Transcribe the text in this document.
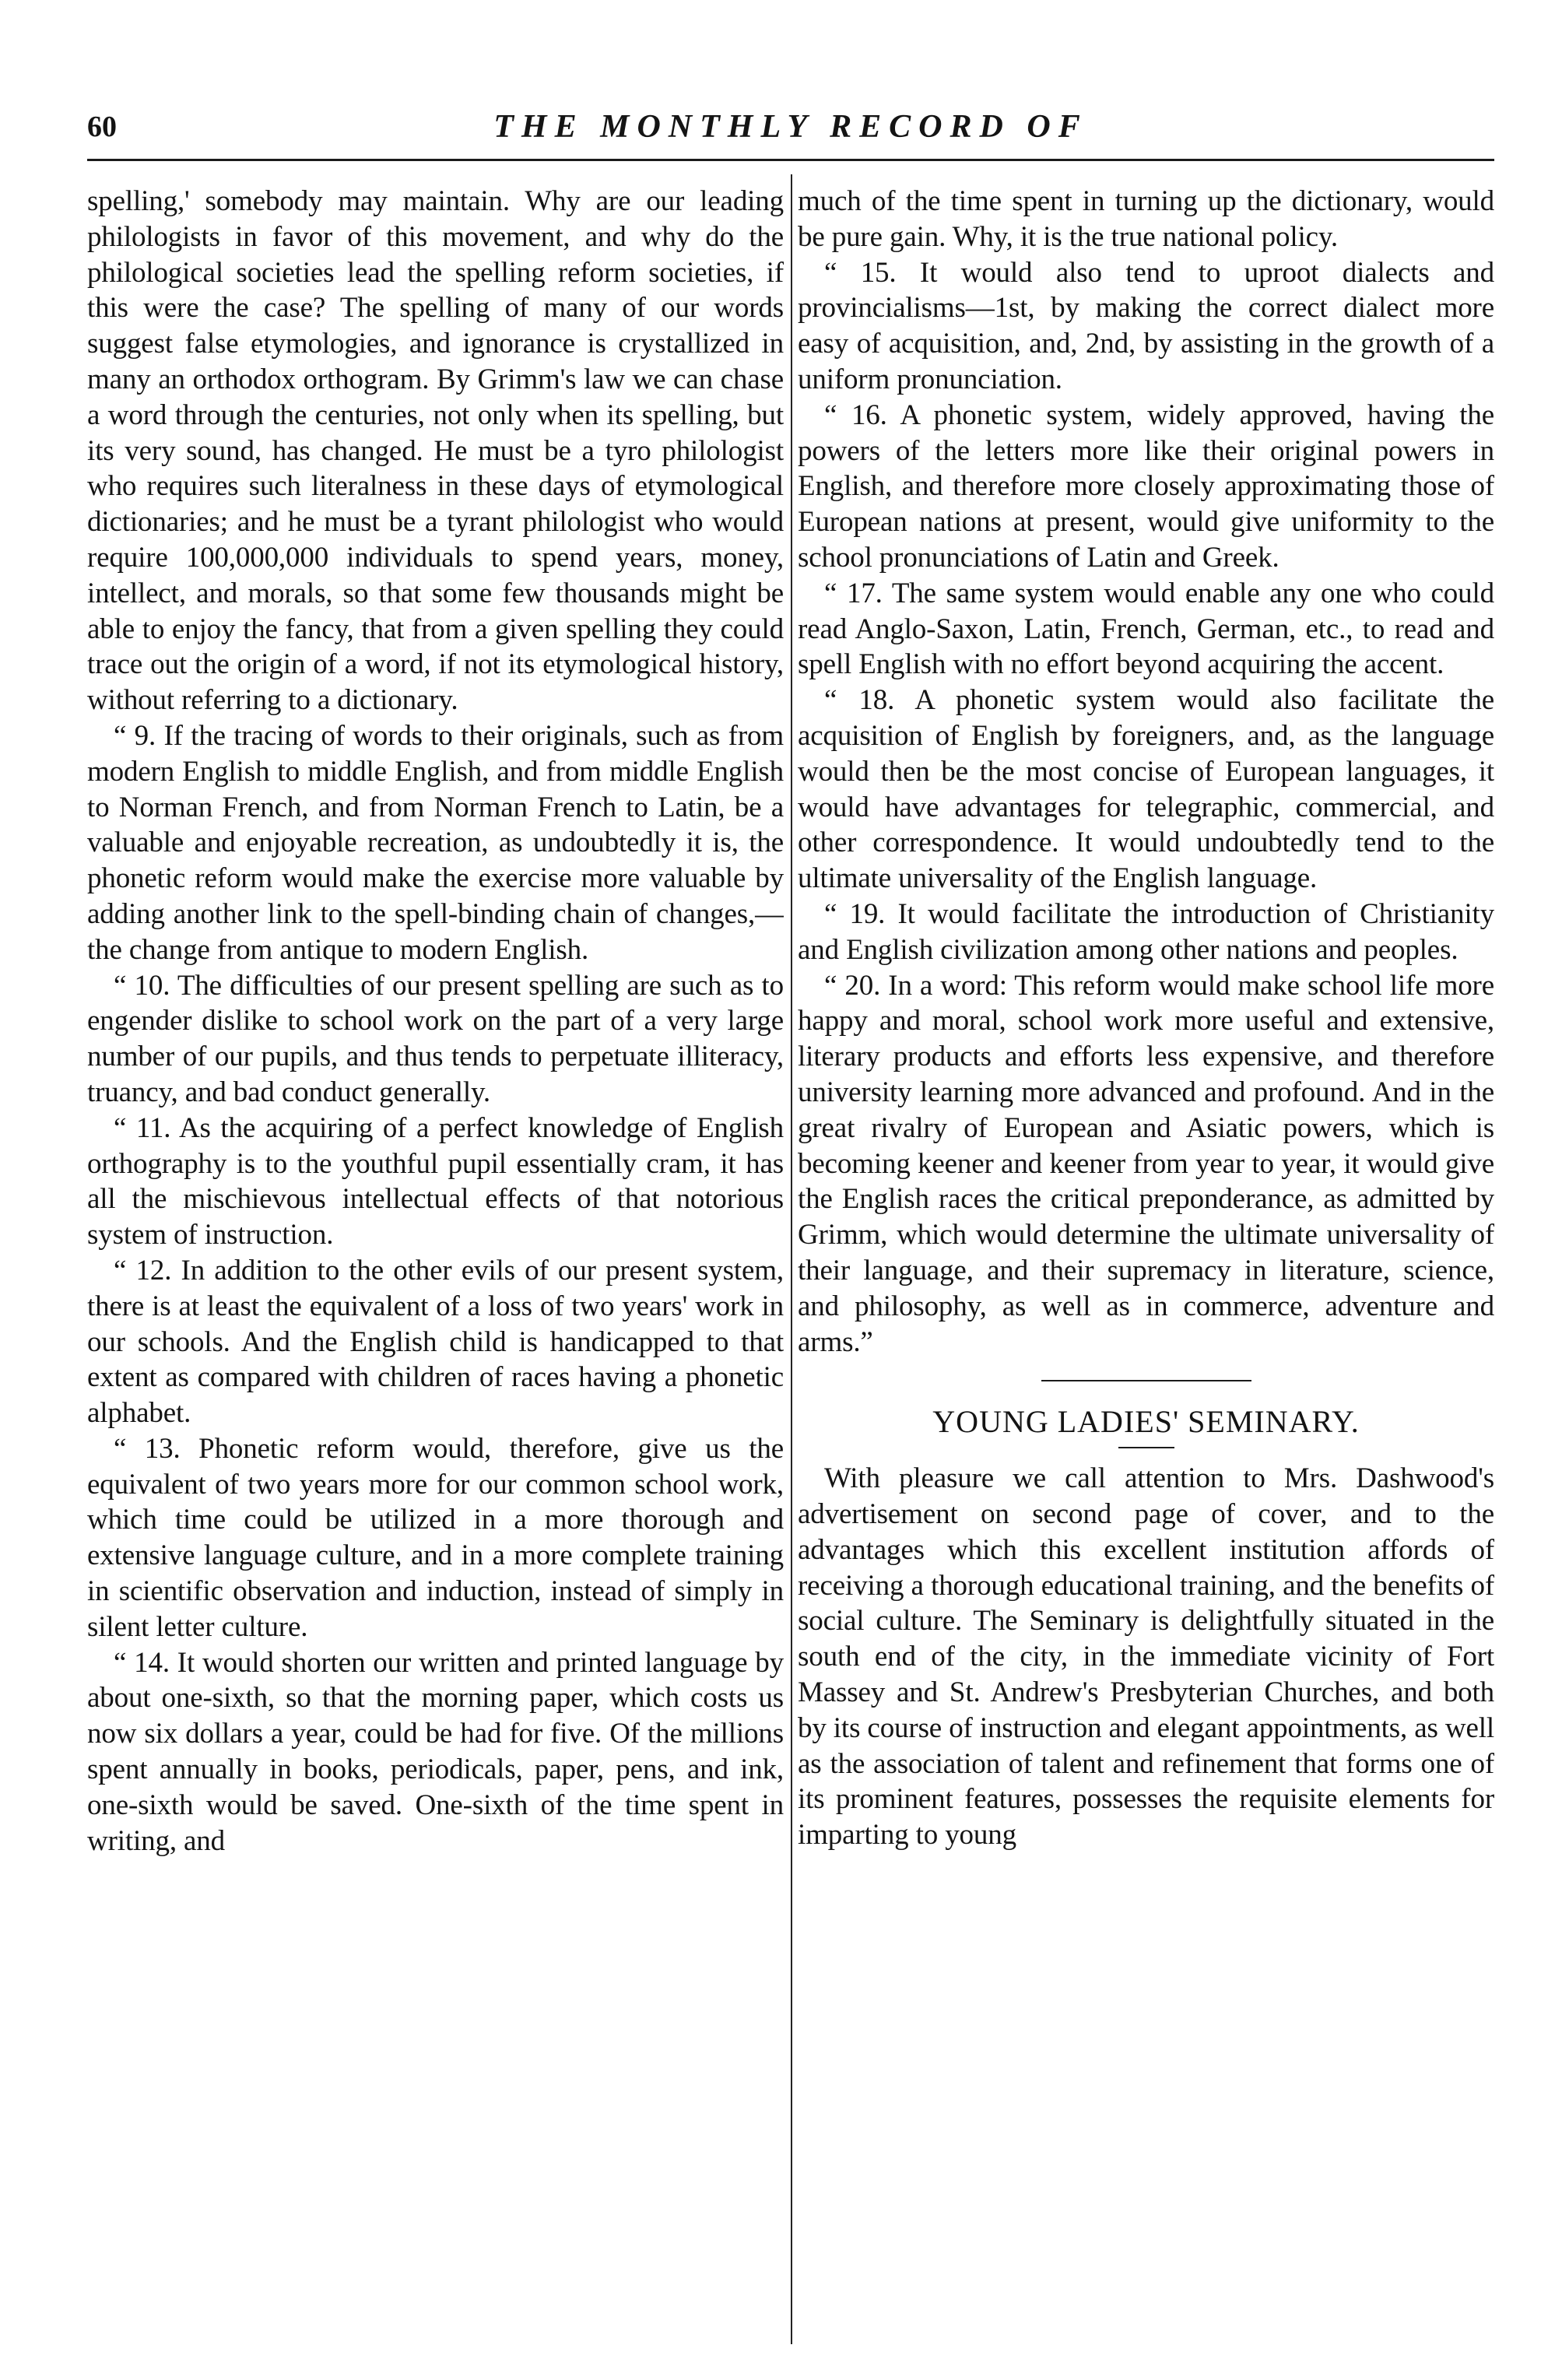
60	THE MONTHLY RECORD OF

spelling,' somebody may maintain. Why are our leading philologists in favor of this movement, and why do the philological societies lead the spelling reform societies, if this were the case? The spelling of many of our words suggest false etymologies, and ignorance is crystallized in many an orthodox orthogram. By Grimm's law we can chase a word through the centuries, not only when its spelling, but its very sound, has changed. He must be a tyro philologist who requires such literalness in these days of etymological dictionaries; and he must be a tyrant philologist who would require 100,000,000 individuals to spend years, money, intellect, and morals, so that some few thousands might be able to enjoy the fancy, that from a given spelling they could trace out the origin of a word, if not its etymological history, without referring to a dictionary.

“ 9. If the tracing of words to their originals, such as from modern English to middle English, and from middle English to Norman French, and from Norman French to Latin, be a valuable and enjoyable recreation, as undoubtedly it is, the phonetic reform would make the exercise more valuable by adding another link to the spell-binding chain of changes,—the change from antique to modern English.

“ 10. The difficulties of our present spelling are such as to engender dislike to school work on the part of a very large number of our pupils, and thus tends to perpetuate illiteracy, truancy, and bad conduct generally.

“ 11. As the acquiring of a perfect knowledge of English orthography is to the youthful pupil essentially cram, it has all the mischievous intellectual effects of that notorious system of instruction.

“ 12. In addition to the other evils of our present system, there is at least the equivalent of a loss of two years' work in our schools. And the English child is handicapped to that extent as compared with children of races having a phonetic alphabet.

“ 13. Phonetic reform would, therefore, give us the equivalent of two years more for our common school work, which time could be utilized in a more thorough and extensive language culture, and in a more complete training in scientific observation and induction, instead of simply in silent letter culture.

“ 14. It would shorten our written and printed language by about one-sixth, so that the morning paper, which costs us now six dollars a year, could be had for five. Of the millions spent annually in books, periodicals, paper, pens, and ink, one-sixth would be saved. One-sixth of the time spent in writing, and

much of the time spent in turning up the dictionary, would be pure gain. Why, it is the true national policy.

“ 15. It would also tend to uproot dialects and provincialisms—1st, by making the correct dialect more easy of acquisition, and, 2nd, by assisting in the growth of a uniform pronunciation.

“ 16. A phonetic system, widely approved, having the powers of the letters more like their original powers in English, and therefore more closely approximating those of European nations at present, would give uniformity to the school pronunciations of Latin and Greek.

“ 17. The same system would enable any one who could read Anglo-Saxon, Latin, French, German, etc., to read and spell English with no effort beyond acquiring the accent.

“ 18. A phonetic system would also facilitate the acquisition of English by foreigners, and, as the language would then be the most concise of European languages, it would have advantages for telegraphic, commercial, and other correspondence. It would undoubtedly tend to the ultimate universality of the English language.

“ 19. It would facilitate the introduction of Christianity and English civilization among other nations and peoples.

“ 20. In a word: This reform would make school life more happy and moral, school work more useful and extensive, literary products and efforts less expensive, and therefore university learning more advanced and profound. And in the great rivalry of European and Asiatic powers, which is becoming keener and keener from year to year, it would give the English races the critical preponderance, as admitted by Grimm, which would determine the ultimate universality of their language, and their supremacy in literature, science, and philosophy, as well as in commerce, adventure and arms.”

YOUNG LADIES' SEMINARY.

With pleasure we call attention to Mrs. Dashwood's advertisement on second page of cover, and to the advantages which this excellent institution affords of receiving a thorough educational training, and the benefits of social culture. The Seminary is delightfully situated in the south end of the city, in the immediate vicinity of Fort Massey and St. Andrew's Presbyterian Churches, and both by its course of instruction and elegant appointments, as well as the association of talent and refinement that forms one of its prominent features, possesses the requisite elements for imparting to young
